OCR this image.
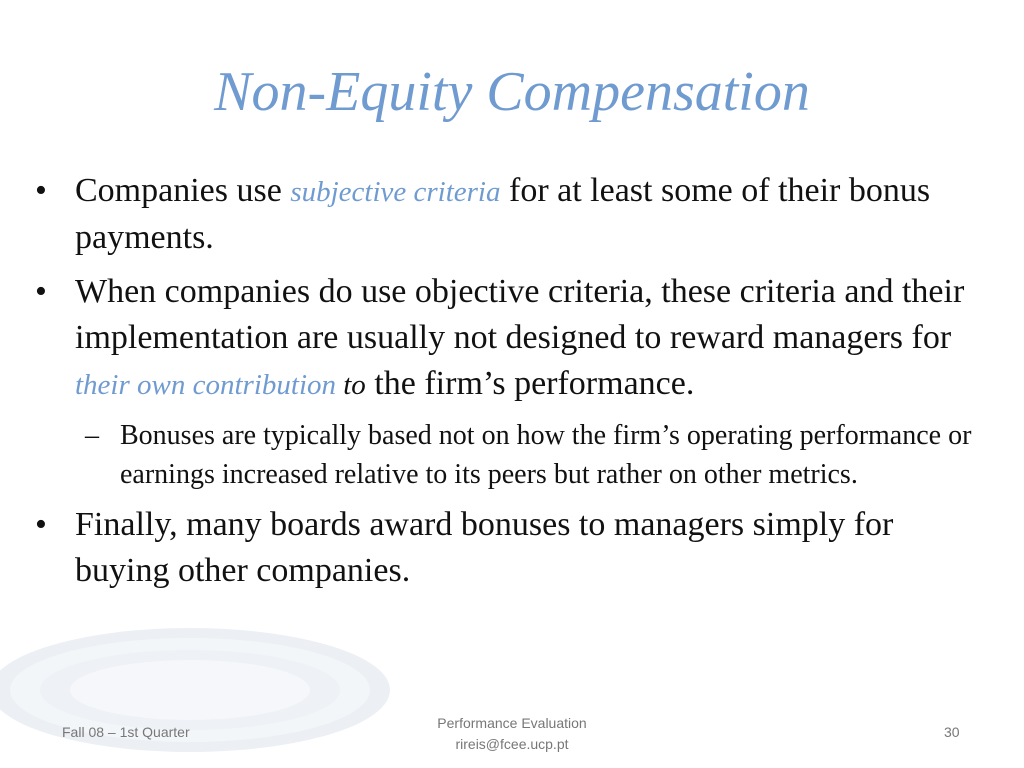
Non-Equity Compensation
• Companies use subjective criteria for at least some of their bonus payments.
• When companies do use objective criteria, these criteria and their implementation are usually not designed to reward managers for their own contribution to the firm’s performance.
– Bonuses are typically based not on how the firm’s operating performance or earnings increased relative to its peers but rather on other metrics.
• Finally, many boards award bonuses to managers simply for buying other companies.
Fall 08 – 1st Quarter
Performance Evaluation
rireis@fcee.ucp.pt
30
